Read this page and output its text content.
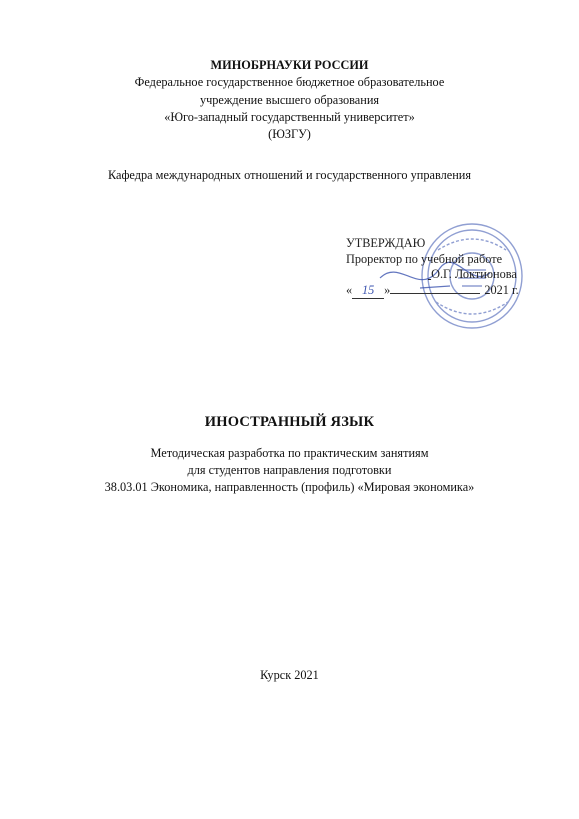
МИНОБРНАУКИ РОССИИ
Федеральное государственное бюджетное образовательное
учреждение высшего образования
«Юго-западный государственный университет»
(ЮЗГУ)
Кафедра международных отношений и государственного управления
УТВЕРЖДАЮ
Проректор по учебной работе
О.Г. Локтионова
« 15 »	2021 г.
ИНОСТРАННЫЙ ЯЗЫК
Методическая разработка по практическим занятиям
для студентов направления подготовки
38.03.01 Экономика, направленность (профиль) «Мировая экономика»
Курск 2021
